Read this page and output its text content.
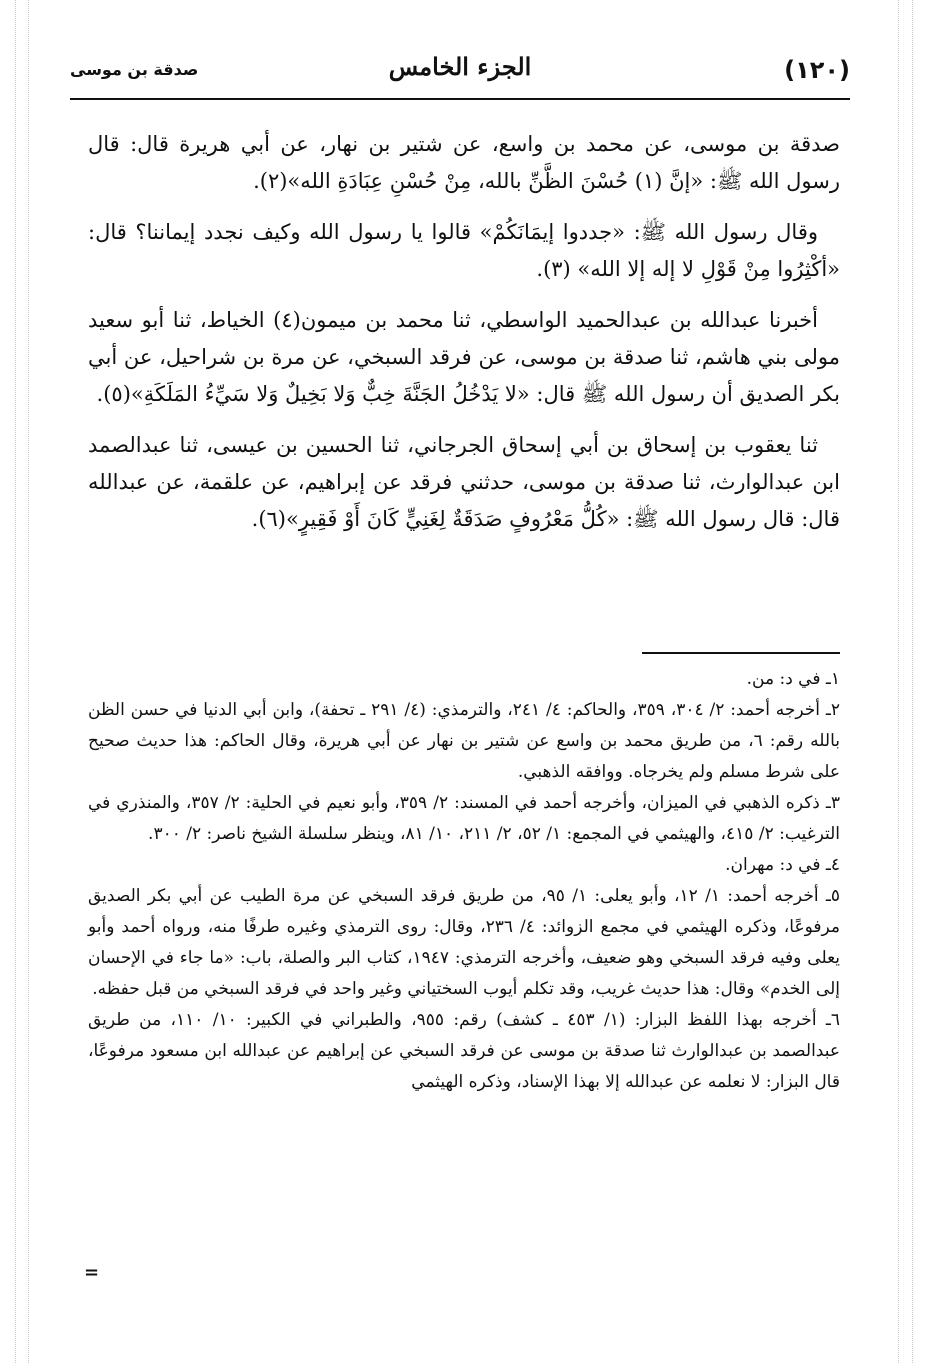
(١٢٠)
الجزء الخامس
صدقة بن موسى

صدقة بن موسى، عن محمد بن واسع، عن شتير بن نهار، عن أبي هريرة قال: قال رسول الله ﷺ: «إنَّ (١) حُسْنَ الظَّنِّ بالله، مِنْ حُسْنِ عِبَادَةِ الله»(٢).

وقال رسول الله ﷺ: «جددوا إيمَانَكُمْ» قالوا يا رسول الله وكيف نجدد إيماننا؟ قال: «أكْثِرُوا مِنْ قَوْلِ لا إله إلا الله» (٣).

أخبرنا عبدالله بن عبدالحميد الواسطي، ثنا محمد بن ميمون(٤) الخياط، ثنا أبو سعيد مولى بني هاشم، ثنا صدقة بن موسى، عن فرقد السبخي، عن مرة بن شراحيل، عن أبي بكر الصديق أن رسول الله ﷺ قال: «لا يَدْخُلُ الجَنَّةَ خِبٌّ وَلا بَخِيلٌ وَلا سَيِّءُ المَلَكَةِ»(٥).

ثنا يعقوب بن إسحاق بن أبي إسحاق الجرجاني، ثنا الحسين بن عيسى، ثنا عبدالصمد ابن عبدالوارث، ثنا صدقة بن موسى، حدثني فرقد عن إبراهيم، عن علقمة، عن عبدالله قال: قال رسول الله ﷺ: «كُلُّ مَعْرُوفٍ صَدَقَةٌ لِغَنِيٍّ كَانَ أَوْ فَقِيرٍ»(٦).

١ـ في د: من.

٢ـ أخرجه أحمد: ٢/ ٣٠٤، ٣٥٩، والحاكم: ٤/ ٢٤١، والترمذي: (٤/ ٢٩١ ـ تحفة)، وابن أبي الدنيا في حسن الظن بالله رقم: ٦، من طريق محمد بن واسع عن شتير بن نهار عن أبي هريرة، وقال الحاكم: هذا حديث صحيح على شرط مسلم ولم يخرجاه. ووافقه الذهبي.

٣ـ ذكره الذهبي في الميزان، وأخرجه أحمد في المسند: ٢/ ٣٥٩، وأبو نعيم في الحلية: ٢/ ٣٥٧، والمنذري في الترغيب: ٢/ ٤١٥، والهيثمي في المجمع: ١/ ٥٢، ٢/ ٢١١، ١٠/ ٨١، وينظر سلسلة الشيخ ناصر: ٢/ ٣٠٠.

٤ـ في د: مهران.

٥ـ أخرجه أحمد: ١/ ١٢، وأبو يعلى: ١/ ٩٥، من طريق فرقد السبخي عن مرة الطيب عن أبي بكر الصديق مرفوعًا، وذكره الهيثمي في مجمع الزوائد: ٤/ ٢٣٦، وقال: روى الترمذي وغيره طرفًا منه، ورواه أحمد وأبو يعلى وفيه فرقد السبخي وهو ضعيف، وأخرجه الترمذي: ١٩٤٧، كتاب البر والصلة، باب: «ما جاء في الإحسان إلى الخدم» وقال: هذا حديث غريب، وقد تكلم أيوب السختياني وغير واحد في فرقد السبخي من قبل حفظه.

٦ـ أخرجه بهذا اللفظ البزار: (١/ ٤٥٣ ـ كشف) رقم: ٩٥٥، والطبراني في الكبير: ١٠/ ١١٠، من طريق عبدالصمد بن عبدالوارث ثنا صدقة بن موسى عن فرقد السبخي عن إبراهيم عن عبدالله ابن مسعود مرفوعًا، قال البزار: لا نعلمه عن عبدالله إلا بهذا الإسناد، وذكره الهيثمي

=
